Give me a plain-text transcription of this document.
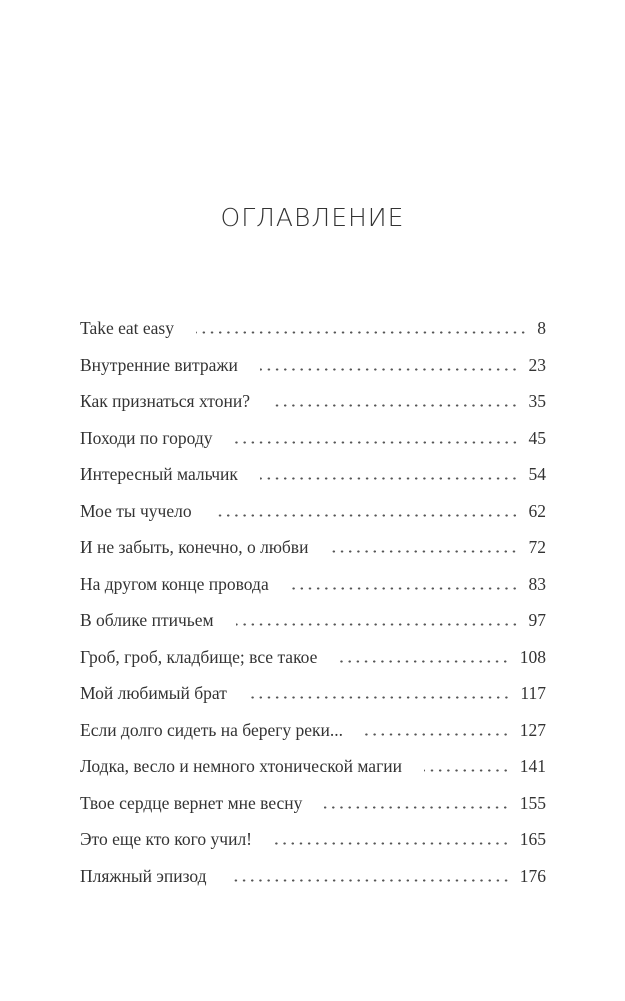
ОГЛАВЛЕНИЕ
Take eat easy	8
Внутренние витражи	23
Как признаться хтони?	35
Походи по городу	45
Интересный мальчик	54
Мое ты чучело	62
И не забыть, конечно, о любви	72
На другом конце провода	83
В облике птичьем	97
Гроб, гроб, кладбище; все такое	108
Мой любимый брат	117
Если долго сидеть на берегу реки...	127
Лодка, весло и немного хтонической магии	141
Твое сердце вернет мне весну	155
Это еще кто кого учил!	165
Пляжный эпизод	176
